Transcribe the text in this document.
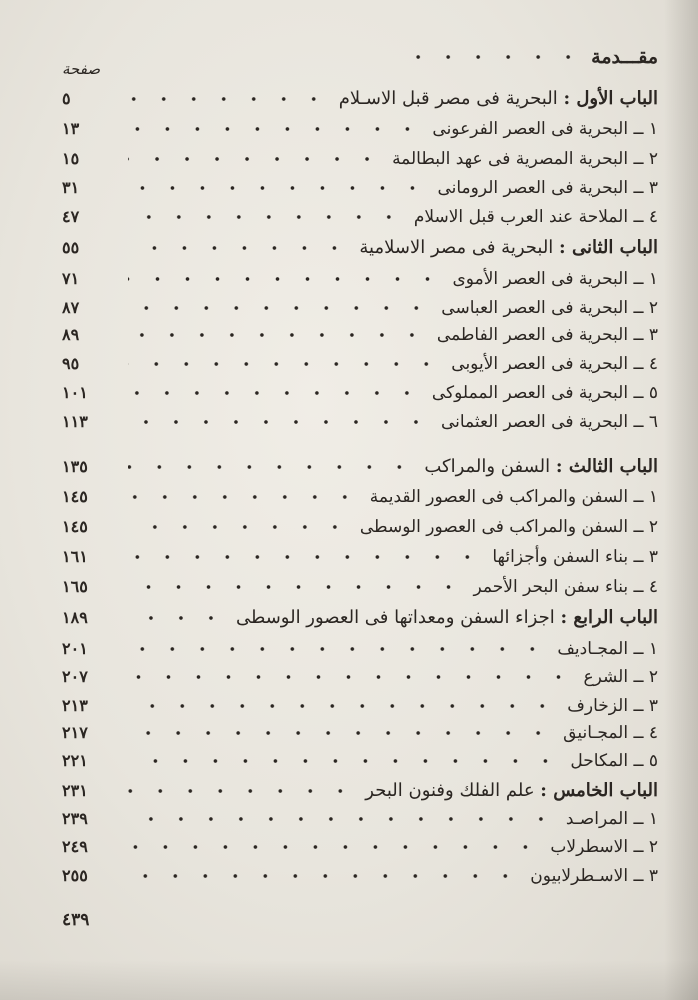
مقـــدمة
صفحة
٥	الباب الأول : البحرية فى مصر قبل الاسـلام
١٣	١ ــ البحرية فى العصر الفرعونى
١٥	٢ ــ البحرية المصرية فى عهد البطالمة
٣١	٣ ــ البحرية فى العصر الرومانى
٤٧	٤ ــ الملاحة عند العرب قبل الاسلام
٥٥	الباب الثانى : البحرية فى مصر الاسلامية
٧١	١ ــ البحرية فى العصر الأموى
٨٧	٢ ــ البحرية فى العصر العباسى
٨٩	٣ ــ البحرية فى العصر الفاطمى
٩٥	٤ ــ البحرية فى العصر الأيوبى
١٠١	٥ ــ البحرية فى العصر المملوكى
١١٣	٦ ــ البحرية فى العصر العثمانى
١٣٥	الباب الثالث : السفن والمراكب
١٤٥	١ ــ السفن والمراكب فى العصور القديمة
١٤٥	٢ ــ السفن والمراكب فى العصور الوسطى
١٦١	٣ ــ بناء السفن وأجزائها
١٦٥	٤ ــ بناء سفن البحر الأحمر
١٨٩	الباب الرابع : اجزاء السفن ومعداتها فى العصور الوسطى
٢٠١	١ ــ المجـاديف
٢٠٧	٢ ــ الشرع
٢١٣	٣ ــ الزخارف
٢١٧	٤ ــ المجـانيق
٢٢١	٥ ــ المكاحل
٢٣١	الباب الخامس : علم الفلك وفنون البحر
٢٣٩	١ ــ المراصـد
٢٤٩	٢ ــ الاسطرلاب
٢٥٥	٣ ــ الاسـطرلابيون
٤٣٩
